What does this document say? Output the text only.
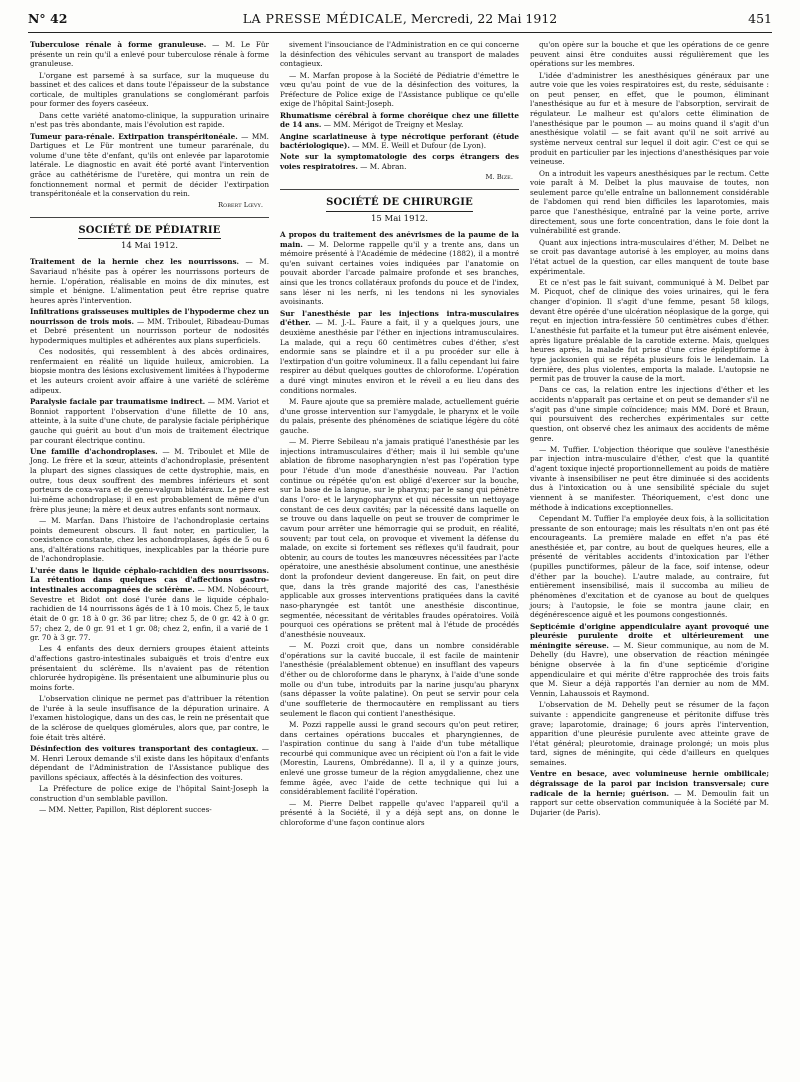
N° 42	LA PRESSE MÉDICALE, Mercredi, 22 Mai 1912	451

Tuberculose rénale à forme granuleuse. — M. Le Für présente un rein qu'il a enlevé pour tuberculose rénale à forme granuleuse.

L'organe est parsemé à sa surface, sur la muqueuse du bassinet et des calices et dans toute l'épaisseur de la substance corticale, de multiples granulations se conglomérant parfois pour former des foyers caséeux.

Dans cette variété anatomo-clinique, la suppuration urinaire n'est pas très abondante, mais l'évolution est rapide.

Tumeur para-rénale. Extirpation transpéritonéale. — MM. Dartigues et Le Für montrent une tumeur pararénale, du volume d'une tête d'enfant, qu'ils ont enlevée par laparotomie latérale. Le diagnostic en avait été porté avant l'intervention grâce au cathétérisme de l'uretère, qui montra un rein de fonctionnement normal et permit de décider l'extirpation transpéritonéale et la conservation du rein.

Robert Lœvy.
SOCIÉTÉ DE PÉDIATRIE
14 Mai 1912.

Traitement de la hernie chez les nourrissons. — M. Savariaud n'hésite pas à opérer les nourrissons porteurs de hernie. L'opération, réalisable en moins de dix minutes, est simple et bénigne. L'alimentation peut être reprise quatre heures après l'intervention.

Infiltrations graisseuses multiples de l'hypoderme chez un nourrisson de trois mois. — MM. Triboulet, Ribadeau-Dumas et Debré présentent un nourrisson porteur de nodosités hypodermiques multiples et adhérentes aux plans superficiels.

Ces nodosités, qui ressemblent à des abcès ordinaires, renfermaient en réalité un liquide huileux, amicrobien. La biopsie montra des lésions exclusivement limitées à l'hypoderme et les auteurs croient avoir affaire à une variété de sclérème adipeux.

Paralysie faciale par traumatisme indirect. — MM. Variot et Bonniot rapportent l'observation d'une fillette de 10 ans, atteinte, à la suite d'une chute, de paralysie faciale périphérique gauche qui guérit au bout d'un mois de traitement électrique par courant électrique continu.

Une famille d'achondroplases. — M. Triboulet et Mlle de Jong. Le frère et la sœur, atteints d'achondroplasie, présentent la plupart des signes classiques de cette dystrophie, mais, en outre, tous deux souffrent des membres inférieurs et sont porteurs de coxa-vara et de genu-valgum bilatéraux. Le père est lui-même achondroplase; il en est probablement de même d'un frère plus jeune; la mère et deux autres enfants sont normaux.

— M. Marfan. Dans l'histoire de l'achondroplasie certains points demeurent obscurs. Il faut noter, en particulier, la coexistence constante, chez les achondroplases, âgés de 5 ou 6 ans, d'altérations rachitiques, inexplicables par la théorie pure de l'achondroplasie.

L'urée dans le liquide céphalo-rachidien des nourrissons. La rétention dans quelques cas d'affections gastro-intestinales accompagnées de sclérème. — MM. Nobécourt, Sevestre et Bidot ont dosé l'urée dans le liquide céphalo-rachidien de 14 nourrissons âgés de 1 à 10 mois. Chez 5, le taux était de 0 gr. 18 à 0 gr. 36 par litre; chez 5, de 0 gr. 42 à 0 gr. 57; chez 2, de 0 gr. 91 et 1 gr. 08; chez 2, enfin, il a varié de 1 gr. 70 à 3 gr. 77.

Les 4 enfants des deux derniers groupes étaient atteints d'affections gastro-intestinales subaiguës et trois d'entre eux présentaient du sclérème. Ils n'avaient pas de rétention chlorurée hydropigène. Ils présentaient une albuminurie plus ou moins forte.

L'observation clinique ne permet pas d'attribuer la rétention de l'urée à la seule insuffisance de la dépuration urinaire. A l'examen histologique, dans un des cas, le rein ne présentait que de la sclérose de quelques glomérules, alors que, par contre, le foie était très altéré.

Désinfection des voitures transportant des contagieux. — M. Henri Leroux demande s'il existe dans les hôpitaux d'enfants dépendant de l'Administration de l'Assistance publique des pavillons spéciaux, affectés à la désinfection des voitures.

La Préfecture de police exige de l'hôpital Saint-Joseph la construction d'un semblable pavillon.

— MM. Netter, Papillon, Rist déplorent succes-

sivement l'insouciance de l'Administration en ce qui concerne la désinfection des véhicules servant au transport de malades contagieux.

— M. Marfan propose à la Société de Pédiatrie d'émettre le vœu qu'au point de vue de la désinfection des voitures, la Préfecture de Police exige de l'Assistance publique ce qu'elle exige de l'hôpital Saint-Joseph.

Rhumatisme cérébral à forme choréique chez une fillette de 14 ans. — MM. Mérigot de Treigny et Meslay.

Angine scarlatineuse à type nécrotique perforant (étude bactériologique). — MM. E. Weill et Dufour (de Lyon).

Note sur la symptomatologie des corps étrangers des voies respiratoires. — M. Abran.

M. Bize.
SOCIÉTÉ DE CHIRURGIE
15 Mai 1912.

A propos du traitement des anévrismes de la paume de la main. — M. Delorme rappelle qu'il y a trente ans, dans un mémoire présenté à l'Académie de médecine (1882), il a montré qu'en suivant certaines voies indiquées par l'anatomie on pouvait aborder l'arcade palmaire profonde et ses branches, ainsi que les troncs collatéraux profonds du pouce et de l'index, sans léser ni les nerfs, ni les tendons ni les synoviales avoisinants.

Sur l'anesthésie par les injections intra-musculaires d'éther. — M. J.-L. Faure a fait, il y a quelques jours, une deuxième anesthésie par l'éther en injections intramusculaires. La malade, qui a reçu 60 centimètres cubes d'éther, s'est endormie sans se plaindre et il a pu procéder sur elle à l'extirpation d'un goitre volumineux. Il a fallu cependant lui faire respirer au début quelques gouttes de chloroforme. L'opération a duré vingt minutes environ et le réveil a eu lieu dans des conditions normales.

M. Faure ajoute que sa première malade, actuellement guérie d'une grosse intervention sur l'amygdale, le pharynx et le voile du palais, présente des phénomènes de sciatique légère du côté gauche.

— M. Pierre Sebileau n'a jamais pratiqué l'anesthésie par les injections intramusculaires d'éther; mais il lui semble qu'une ablation de fibrome nasopharyngien n'est pas l'opération type pour l'étude d'un mode d'anesthésie nouveau. Par l'action continue ou répétée qu'on est obligé d'exercer sur la bouche, sur la base de la langue, sur le pharynx; par le sang qui pénètre dans l'oro- et le laryngopharynx et qui nécessite un nettoyage constant de ces deux cavités; par la nécessité dans laquelle on se trouve ou dans laquelle on peut se trouver de comprimer le cavum pour arrêter une hémorragie qui se produit, en réalité, souvent; par tout cela, on provoque et vivement la défense du malade, on excite si fortement ses réflexes qu'il faudrait, pour obtenir, au cours de toutes les manœuvres nécessitées par l'acte opératoire, une anesthésie absolument continue, une anesthésie dont la profondeur devient dangereuse. En fait, on peut dire que, dans la très grande majorité des cas, l'anesthésie applicable aux grosses interventions pratiquées dans la cavité naso-pharyngée est tantôt une anesthésie discontinue, segmentée, nécessitant de véritables fraudes opératoires. Voilà pourquoi ces opérations se prêtent mal à l'étude de procédés d'anesthésie nouveaux.

— M. Pozzi croit que, dans un nombre considérable d'opérations sur la cavité buccale, il est facile de maintenir l'anesthésie (préalablement obtenue) en insufflant des vapeurs d'éther ou de chloroforme dans le pharynx, à l'aide d'une sonde molle ou d'un tube, introduits par la narine jusqu'au pharynx (sans dépasser la voûte palatine). On peut se servir pour cela d'une souffleterie de thermocautère en remplissant au tiers seulement le flacon qui contient l'anesthésique.

M. Pozzi rappelle aussi le grand secours qu'on peut retirer, dans certaines opérations buccales et pharyngiennes, de l'aspiration continue du sang à l'aide d'un tube métallique recourbé qui communique avec un récipient où l'on a fait le vide (Morestin, Laurens, Ombrédanne). Il a, il y a quinze jours, enlevé une grosse tumeur de la région amygdalienne, chez une femme âgée, avec l'aide de cette technique qui lui a considérablement facilité l'opération.

— M. Pierre Delbet rappelle qu'avec l'appareil qu'il a présenté à la Société, il y a déjà sept ans, on donne le chloroforme d'une façon continue alors

qu'on opère sur la bouche et que les opérations de ce genre peuvent ainsi être conduites aussi régulièrement que les opérations sur les membres.

L'idée d'administrer les anesthésiques généraux par une autre voie que les voies respiratoires est, du reste, séduisante : on peut penser, en effet, que le poumon, éliminant l'anesthésique au fur et à mesure de l'absorption, servirait de régulateur. Le malheur est qu'alors cette élimination de l'anesthésique par le poumon — au moins quand il s'agit d'un anesthésique volatil — se fait avant qu'il ne soit arrivé au système nerveux central sur lequel il doit agir. C'est ce qui se produit en particulier par les injections d'anesthésiques par voie veineuse.

On a introduit les vapeurs anesthésiques par le rectum. Cette voie paraît à M. Delbet la plus mauvaise de toutes, non seulement parce qu'elle entraîne un ballonnement considérable de l'abdomen qui rend bien difficiles les laparotomies, mais parce que l'anesthésique, entraîné par la veine porte, arrive directement, sous une forte concentration, dans le foie dont la vulnérabilité est grande.

Quant aux injections intra-musculaires d'éther, M. Delbet ne se croit pas davantage autorisé à les employer, au moins dans l'état actuel de la question, car elles manquent de toute base expérimentale.

Et ce n'est pas le fait suivant, communiqué à M. Delbet par M. Picquot, chef de clinique des voies urinaires, qui le fera changer d'opinion. Il s'agit d'une femme, pesant 58 kilogs, devant être opérée d'une ulcération néoplasique de la gorge, qui reçut en injection intra-fessière 50 centimètres cubes d'éther. L'anesthésie fut parfaite et la tumeur put être aisément enlevée, après ligature préalable de la carotide externe. Mais, quelques heures après, la malade fut prise d'une crise épileptiforme à type jacksonien qui se répéta plusieurs fois le lendemain. La dernière, des plus violentes, emporta la malade. L'autopsie ne permit pas de trouver la cause de la mort.

Dans ce cas, la relation entre les injections d'éther et les accidents n'apparaît pas certaine et on peut se demander s'il ne s'agit pas d'une simple coïncidence; mais MM. Doré et Braun, qui poursuivent des recherches expérimentales sur cette question, ont observé chez les animaux des accidents de même genre.

— M. Tuffier. L'objection théorique que soulève l'anesthésie par injection intra-musculaire d'éther, c'est que la quantité d'agent toxique injecté proportionnellement au poids de matière vivante à insensibiliser ne peut être diminuée si des accidents dus à l'intoxication ou à une sensibilité spéciale du sujet viennent à se manifester. Théoriquement, c'est donc une méthode à indications exceptionnelles.

Cependant M. Tuffier l'a employée deux fois, à la sollicitation pressante de son entourage; mais les résultats n'en ont pas été encourageants. La première malade en effet n'a pas été anesthésiée et, par contre, au bout de quelques heures, elle a présenté de véritables accidents d'intoxication par l'éther (pupilles punctiformes, pâleur de la face, soif intense, odeur d'éther par la bouche). L'autre malade, au contraire, fut entièrement insensibilisé, mais il succomba au milieu de phénomènes d'excitation et de cyanose au bout de quelques jours; à l'autopsie, le foie se montra jaune clair, en dégénérescence aiguë et les poumons congestionnés.

Septicémie d'origine appendiculaire ayant provoqué une pleurésie purulente droite et ultérieurement une méningite séreuse. — M. Sieur communique, au nom de M. Dehelly (du Havre), une observation de réaction méningée bénigne observée à la fin d'une septicémie d'origine appendiculaire et qui mérite d'être rapprochée des trois faits que M. Sieur a déjà rapportés l'an dernier au nom de MM. Vennin, Lahaussois et Raymond.

L'observation de M. Dehelly peut se résumer de la façon suivante : appendicite gangreneuse et péritonite diffuse très grave; laparotomie, drainage; 6 jours après l'intervention, apparition d'une pleurésie purulente avec atteinte grave de l'état général; pleurotomie, drainage prolongé; un mois plus tard, signes de méningite, qui cède d'ailleurs en quelques semaines.

Ventre en besace, avec volumineuse hernie ombilicale; dégraissage de la paroi par incision transversale; cure radicale de la hernie; guérison. — M. Demoulin fait un rapport sur cette observation communiquée à la Société par M. Dujarier (de Paris).
